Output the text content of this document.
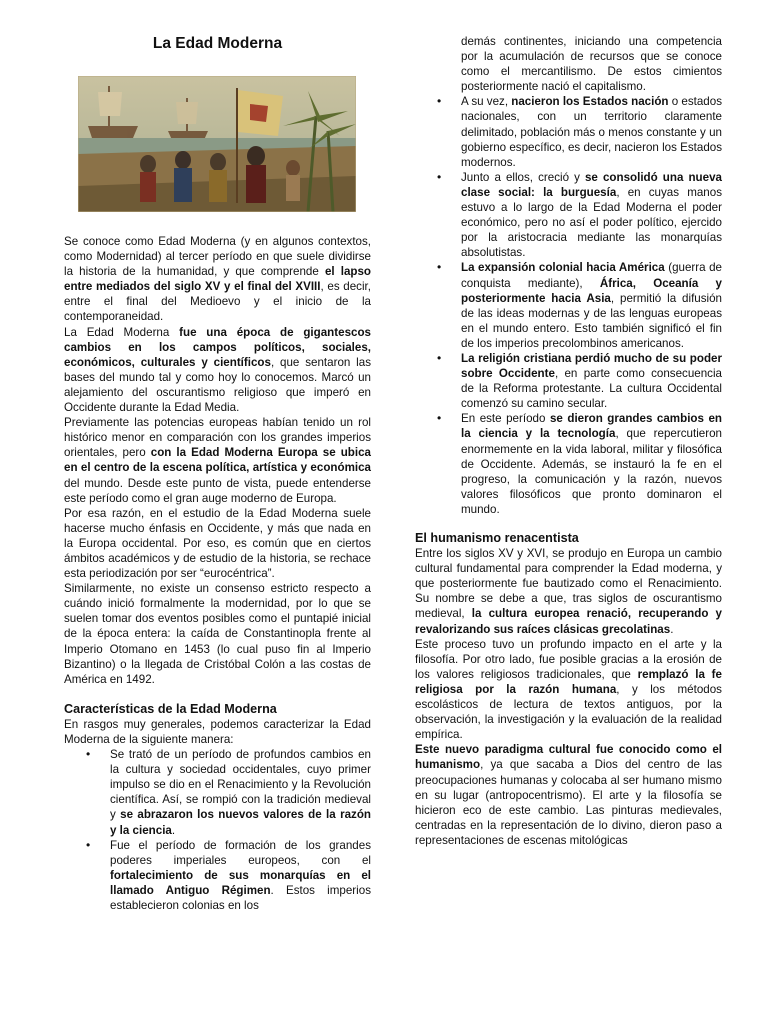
La Edad Moderna

Se conoce como Edad Moderna (y en algunos contextos, como Modernidad) al tercer período en que suele dividirse la historia de la humanidad, y que comprende el lapso entre mediados del siglo XV y el final del XVIII, es decir, entre el final del Medioevo y el inicio de la contemporaneidad.

La Edad Moderna fue una época de gigantescos cambios en los campos políticos, sociales, económicos, culturales y científicos, que sentaron las bases del mundo tal y como hoy lo conocemos. Marcó un alejamiento del oscurantismo religioso que imperó en Occidente durante la Edad Media.

Previamente las potencias europeas habían tenido un rol histórico menor en comparación con los grandes imperios orientales, pero con la Edad Moderna Europa se ubica en el centro de la escena política, artística y económica del mundo. Desde este punto de vista, puede entenderse este período como el gran auge moderno de Europa.

Por esa razón, en el estudio de la Edad Moderna suele hacerse mucho énfasis en Occidente, y más que nada en la Europa occidental. Por eso, es común que en ciertos ámbitos académicos y de estudio de la historia, se rechace esta periodización por ser “eurocéntrica”.

Similarmente, no existe un consenso estricto respecto a cuándo inició formalmente la modernidad, por lo que se suelen tomar dos eventos posibles como el puntapié inicial de la época entera: la caída de Constantinopla frente al Imperio Otomano en 1453 (lo cual puso fin al Imperio Bizantino) o la llegada de Cristóbal Colón a las costas de América en 1492.

Características de la Edad Moderna

En rasgos muy generales, podemos caracterizar la Edad Moderna de la siguiente manera:

• Se trató de un período de profundos cambios en la cultura y sociedad occidentales, cuyo primer impulso se dio en el Renacimiento y la Revolución científica. Así, se rompió con la tradición medieval y se abrazaron los nuevos valores de la razón y la ciencia.
• Fue el período de formación de los grandes poderes imperiales europeos, con el fortalecimiento de sus monarquías en el llamado Antiguo Régimen. Estos imperios establecieron colonias en los
demás continentes, iniciando una competencia por la acumulación de recursos que se conoce como el mercantilismo. De estos cimientos posteriormente nació el capitalismo.
• A su vez, nacieron los Estados nación o estados nacionales, con un territorio claramente delimitado, población más o menos constante y un gobierno específico, es decir, nacieron los Estados modernos.
• Junto a ellos, creció y se consolidó una nueva clase social: la burguesía, en cuyas manos estuvo a lo largo de la Edad Moderna el poder económico, pero no así el poder político, ejercido por la aristocracia mediante las monarquías absolutistas.
• La expansión colonial hacia América (guerra de conquista mediante), África, Oceanía y posteriormente hacia Asia, permitió la difusión de las ideas modernas y de las lenguas europeas en el mundo entero. Esto también significó el fin de los imperios precolombinos americanos.
• La religión cristiana perdió mucho de su poder sobre Occidente, en parte como consecuencia de la Reforma protestante. La cultura Occidental comenzó su camino secular.
• En este período se dieron grandes cambios en la ciencia y la tecnología, que repercutieron enormemente en la vida laboral, militar y filosófica de Occidente. Además, se instauró la fe en el progreso, la comunicación y la razón, nuevos valores filosóficos que pronto dominaron el mundo.

El humanismo renacentista

Entre los siglos XV y XVI, se produjo en Europa un cambio cultural fundamental para comprender la Edad moderna, y que posteriormente fue bautizado como el Renacimiento. Su nombre se debe a que, tras siglos de oscurantismo medieval, la cultura europea renació, recuperando y revalorizando sus raíces clásicas grecolatinas.

Este proceso tuvo un profundo impacto en el arte y la filosofía. Por otro lado, fue posible gracias a la erosión de los valores religiosos tradicionales, que remplazó la fe religiosa por la razón humana, y los métodos escolásticos de lectura de textos antiguos, por la observación, la investigación y la evaluación de la realidad empírica.

Este nuevo paradigma cultural fue conocido como el humanismo, ya que sacaba a Dios del centro de las preocupaciones humanas y colocaba al ser humano mismo en su lugar (antropocentrismo). El arte y la filosofía se hicieron eco de este cambio. Las pinturas medievales, centradas en la representación de lo divino, dieron paso a representaciones de escenas mitológicas
